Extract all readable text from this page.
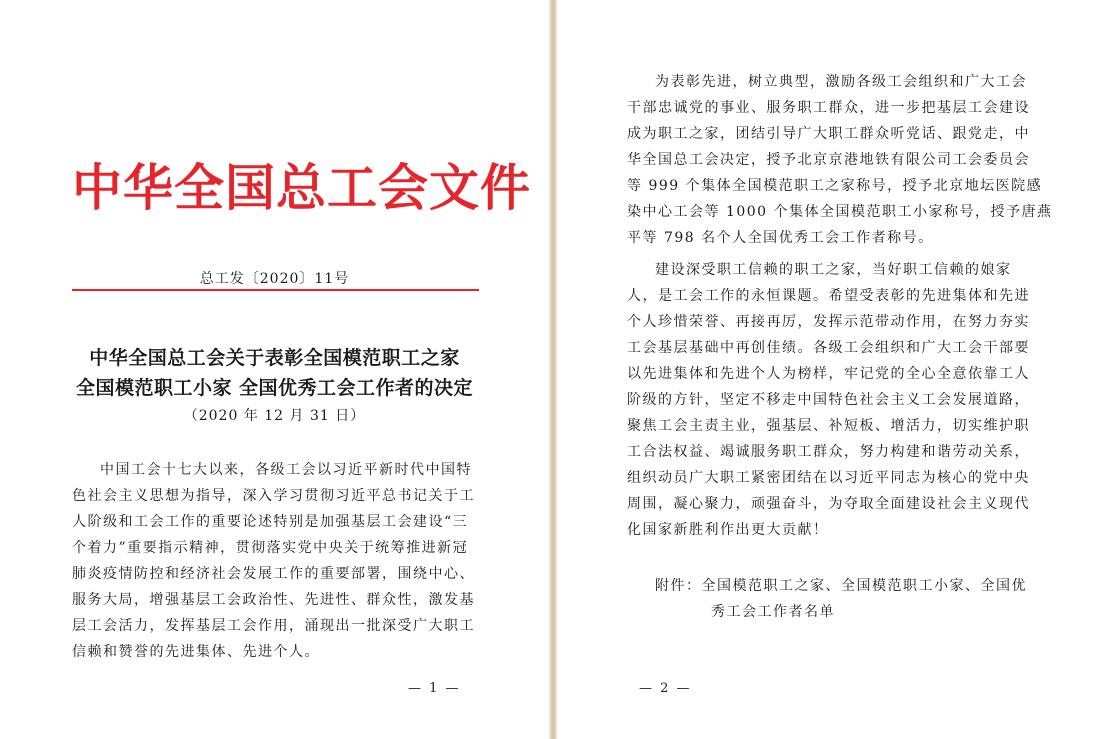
中华全国总工会文件
总工发〔2020〕11号
中华全国总工会关于表彰全国模范职工之家
全国模范职工小家 全国优秀工会工作者的决定
（2020 年 12 月 31 日）
中国工会十七大以来，各级工会以习近平新时代中国特
色社会主义思想为指导，深入学习贯彻习近平总书记关于工
人阶级和工会工作的重要论述特别是加强基层工会建设“三
个着力”重要指示精神，贯彻落实党中央关于统筹推进新冠
肺炎疫情防控和经济社会发展工作的重要部署，围绕中心、
服务大局，增强基层工会政治性、先进性、群众性，激发基
层工会活力，发挥基层工会作用，涌现出一批深受广大职工
信赖和赞誉的先进集体、先进个人。
— 1 —
为表彰先进，树立典型，激励各级工会组织和广大工会
干部忠诚党的事业、服务职工群众，进一步把基层工会建设
成为职工之家，团结引导广大职工群众听党话、跟党走，中
华全国总工会决定，授予北京京港地铁有限公司工会委员会
等 999 个集体全国模范职工之家称号，授予北京地坛医院感
染中心工会等 1000 个集体全国模范职工小家称号，授予唐燕
平等 798 名个人全国优秀工会工作者称号。
建设深受职工信赖的职工之家，当好职工信赖的娘家
人，是工会工作的永恒课题。希望受表彰的先进集体和先进
个人珍惜荣誉、再接再厉，发挥示范带动作用，在努力夯实
工会基层基础中再创佳绩。各级工会组织和广大工会干部要
以先进集体和先进个人为榜样，牢记党的全心全意依靠工人
阶级的方针，坚定不移走中国特色社会主义工会发展道路，
聚焦工会主责主业，强基层、补短板、增活力，切实维护职
工合法权益、竭诚服务职工群众，努力构建和谐劳动关系，
组织动员广大职工紧密团结在以习近平同志为核心的党中央
周围，凝心聚力，顽强奋斗，为夺取全面建设社会主义现代
化国家新胜利作出更大贡献！
附件：全国模范职工之家、全国模范职工小家、全国优
秀工会工作者名单
— 2 —
